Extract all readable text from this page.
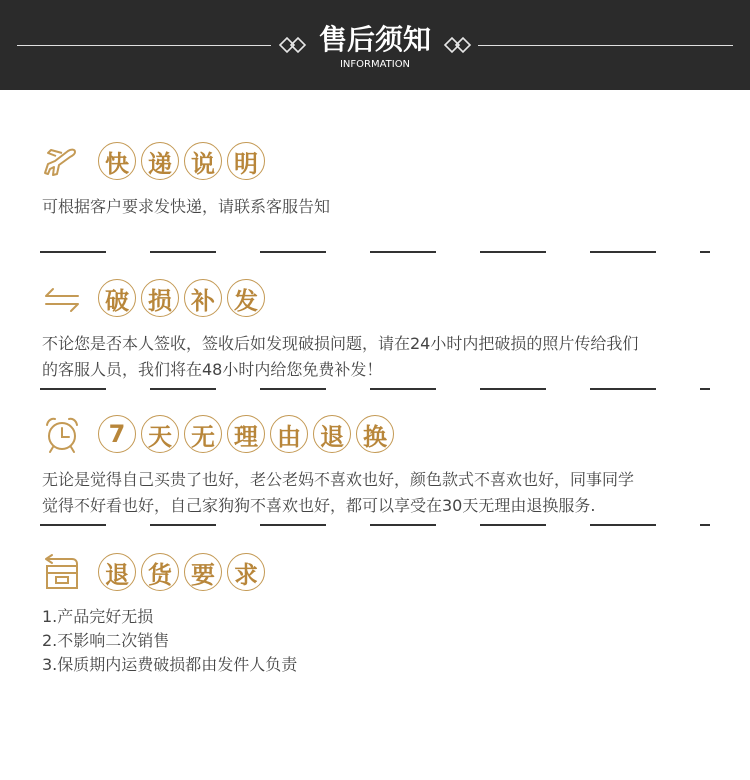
售后须知
INFORMATION
快 递 说 明
可根据客户要求发快递，请联系客服告知
破 损 补 发
不论您是否本人签收，签收后如发现破损问题，请在24小时内把破损的照片传给我们
的客服人员，我们将在48小时内给您免费补发！
7 天 无 理 由 退 换
无论是觉得自己买贵了也好，老公老妈不喜欢也好，颜色款式不喜欢也好，同事同学
觉得不好看也好，自己家狗狗不喜欢也好，都可以享受在30天无理由退换服务.
退 货 要 求
1.产品完好无损
2.不影响二次销售
3.保质期内运费破损都由发件人负责
